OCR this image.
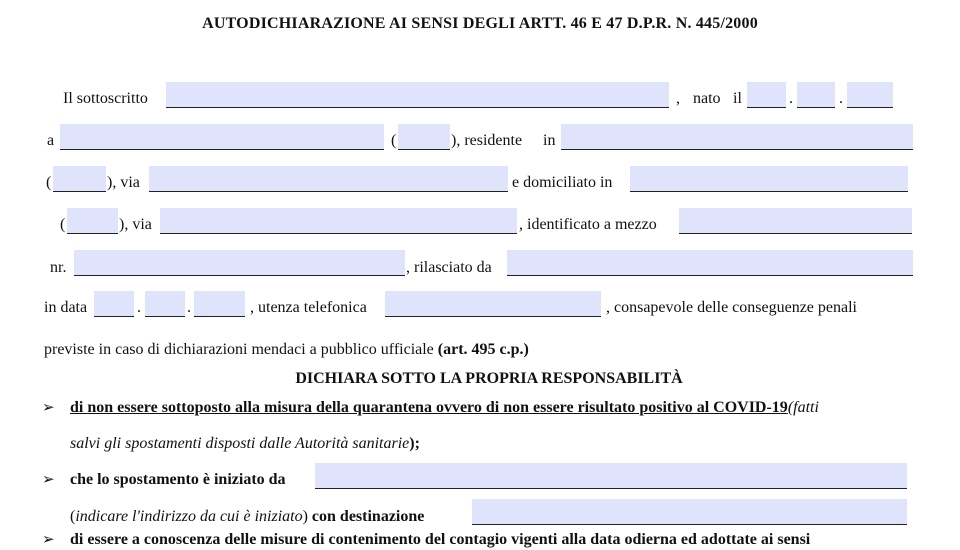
AUTODICHIARAZIONE AI SENSI DEGLI ARTT. 46 E 47 D.P.R. N. 445/2000
Il sottoscritto	, nato il	.	.
a	(	), residente in
(	), via	e domiciliato in
(	), via	, identificato a mezzo
nr.	, rilasciato da
in data	.	.	, utenza telefonica	, consapevole delle conseguenze penali
previste in caso di dichiarazioni mendaci a pubblico ufficiale (art. 495 c.p.)
DICHIARA SOTTO LA PROPRIA RESPONSABILITÀ
➢ di non essere sottoposto alla misura della quarantena ovvero di non essere risultato positivo al COVID-19(fatti
salvi gli spostamenti disposti dalle Autorità sanitarie);
➢ che lo spostamento è iniziato da
(indicare l'indirizzo da cui è iniziato) con destinazione
➢ di essere a conoscenza delle misure di contenimento del contagio vigenti alla data odierna ed adottate ai sensi
